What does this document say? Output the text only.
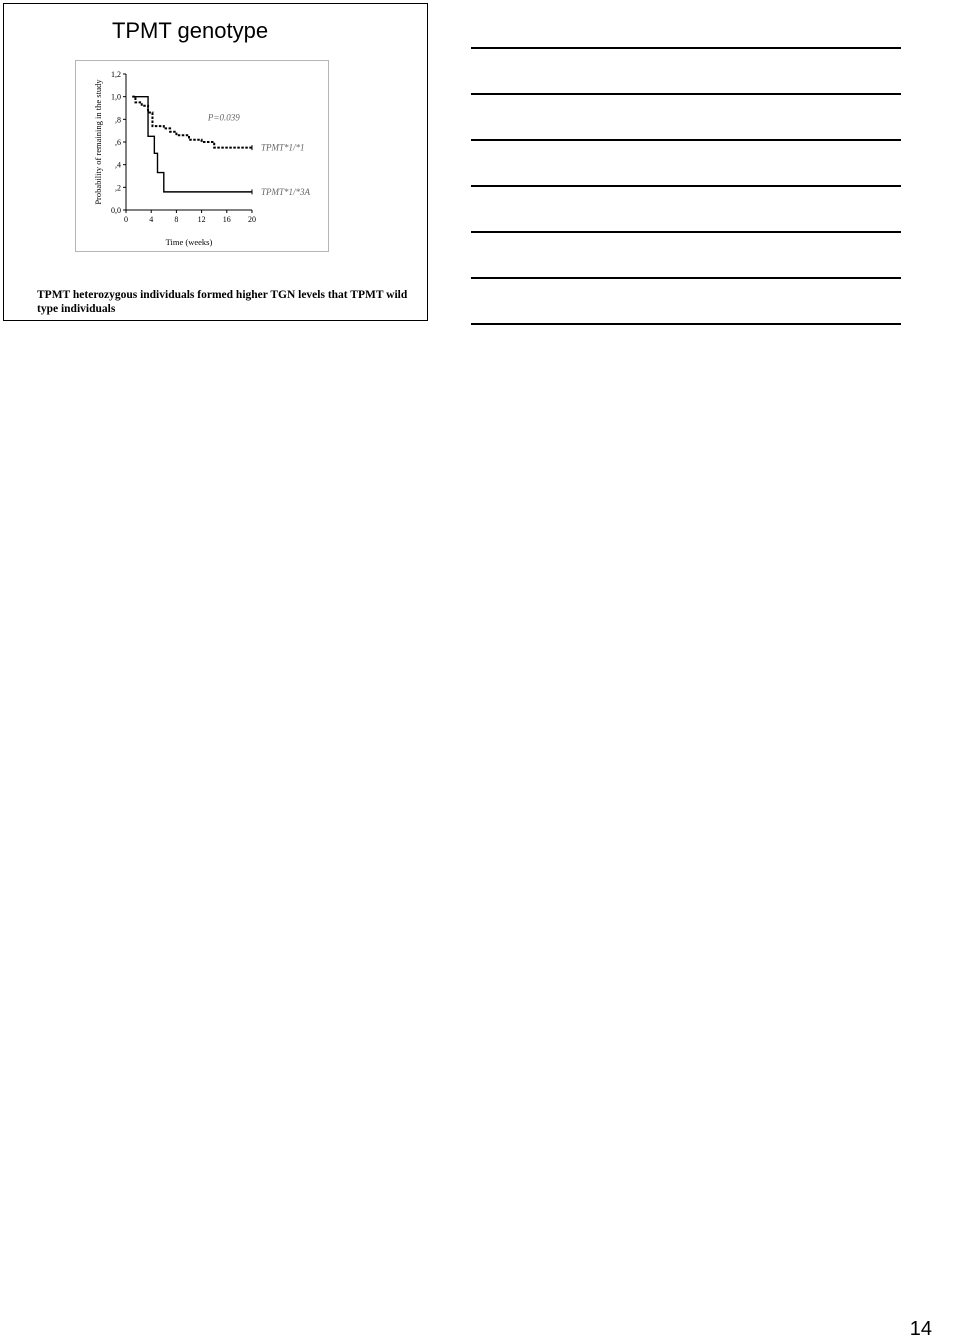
TPMT genotype
0,0
,2
,4
,6
,8
1,0
1,2
0	4	8 12 16 20
Time (weeks)
Probability of remaining in the study	TPMT*1/*1
TPMT*1/*3A
P=0.039
TPMT heterozygous individuals formed higher TGN levels that TPMT wild type individuals
14
